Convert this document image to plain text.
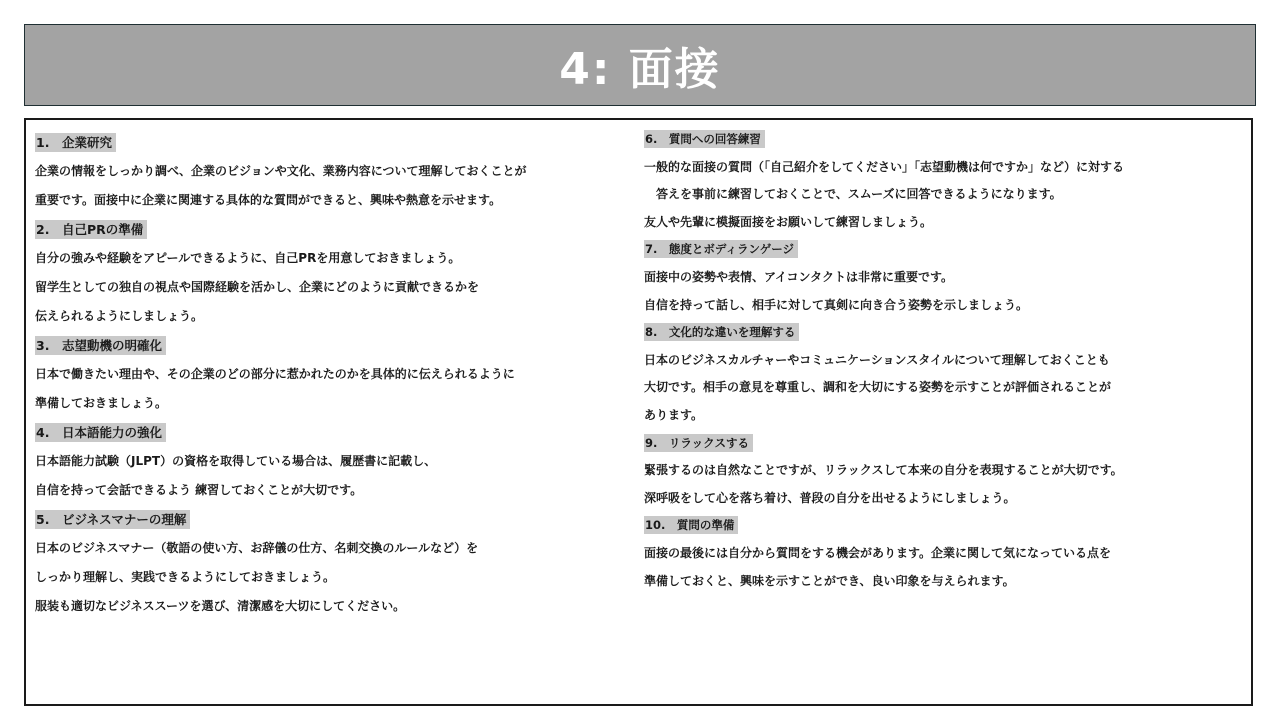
4: 面接
1.　企業研究
企業の情報をしっかり調べ、企業のビジョンや文化、業務内容について理解しておくことが
重要です。面接中に企業に関連する具体的な質問ができると、興味や熱意を示せます。
2.　自己PRの準備
自分の強みや経験をアピールできるように、自己PRを用意しておきましょう。
留学生としての独自の視点や国際経験を活かし、企業にどのように貢献できるかを
伝えられるようにしましょう。
3.　志望動機の明確化
日本で働きたい理由や、その企業のどの部分に惹かれたのかを具体的に伝えられるように
準備しておきましょう。
4.　日本語能力の強化
日本語能力試験（JLPT）の資格を取得している場合は、履歴書に記載し、
自信を持って会話できるよう 練習しておくことが大切です。
5.　ビジネスマナーの理解
日本のビジネスマナー（敬語の使い方、お辞儀の仕方、名刺交換のルールなど）を
しっかり理解し、実践できるようにしておきましょう。
服装も適切なビジネススーツを選び、清潔感を大切にしてください。
6.　質問への回答練習
一般的な面接の質問（「自己紹介をしてください」「志望動機は何ですか」など）に対する
　答えを事前に練習しておくことで、スムーズに回答できるようになります。
友人や先輩に模擬面接をお願いして練習しましょう。
7.　態度とボディランゲージ
面接中の姿勢や表情、アイコンタクトは非常に重要です。
自信を持って話し、相手に対して真剣に向き合う姿勢を示しましょう。
8.　文化的な違いを理解する
日本のビジネスカルチャーやコミュニケーションスタイルについて理解しておくことも
大切です。相手の意見を尊重し、調和を大切にする姿勢を示すことが評価されることが
あります。
9.　リラックスする
緊張するのは自然なことですが、リラックスして本来の自分を表現することが大切です。
深呼吸をして心を落ち着け、普段の自分を出せるようにしましょう。
10.　質問の準備
面接の最後には自分から質問をする機会があります。企業に関して気になっている点を
準備しておくと、興味を示すことができ、良い印象を与えられます。
